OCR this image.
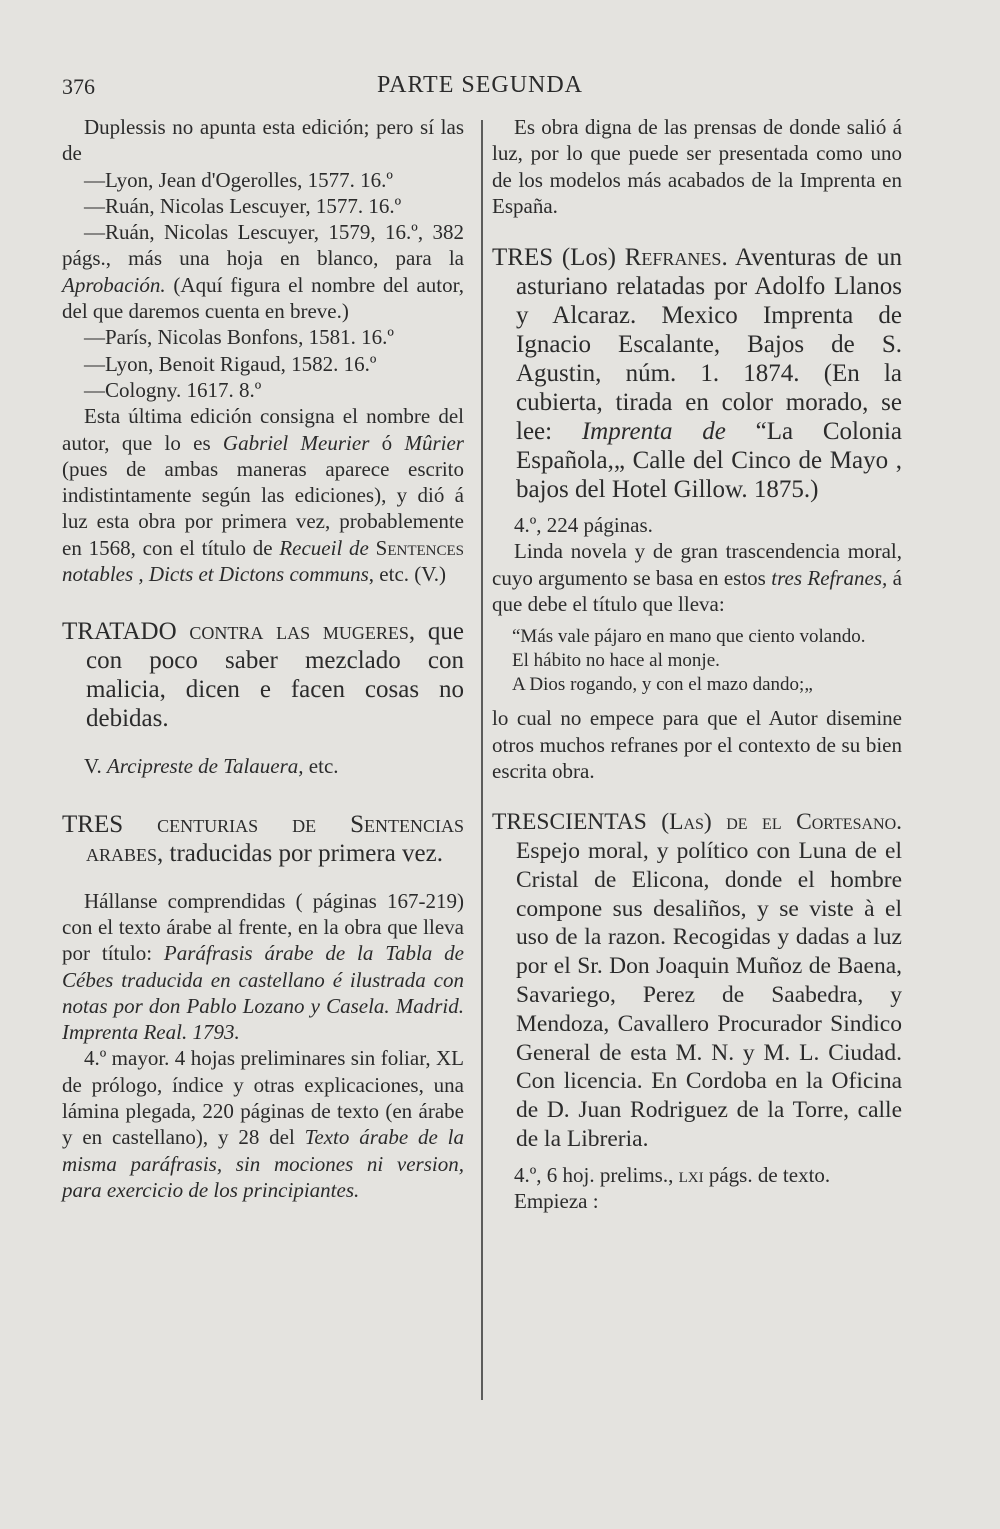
376	PARTE SEGUNDA

Duplessis no apunta esta edición; pero sí las de

—Lyon, Jean d'Ogerolles, 1577. 16.º
—Ruán, Nicolas Lescuyer, 1577. 16.º

—Ruán, Nicolas Lescuyer, 1579, 16.º, 382 págs., más una hoja en blanco, para la Aprobación. (Aquí figura el nombre del autor, del que daremos cuenta en breve.)

—París, Nicolas Bonfons, 1581. 16.º
—Lyon, Benoit Rigaud, 1582. 16.º
—Cologny. 1617. 8.º

Esta última edición consigna el nombre del autor, que lo es Gabriel Meurier ó Mûrier (pues de ambas maneras aparece escrito indistintamente según las ediciones), y dió á luz esta obra por primera vez, probablemente en 1568, con el título de Recueil de Sentences notables , Dicts et Dictons communs, etc. (V.)

TRATADO contra las mugeres, que con poco saber mezclado con malicia, dicen e facen cosas no debidas.

V. Arcipreste de Talauera, etc.

TRES centurias de Sentencias arabes, traducidas por primera vez.

Hállanse comprendidas ( páginas 167-219) con el texto árabe al frente, en la obra que lleva por título: Paráfrasis árabe de la Tabla de Cébes traducida en castellano é ilustrada con notas por don Pablo Lozano y Casela. Madrid. Imprenta Real. 1793.

4.º mayor. 4 hojas preliminares sin foliar, XL de prólogo, índice y otras explicaciones, una lámina plegada, 220 páginas de texto (en árabe y en castellano), y 28 del Texto árabe de la misma paráfrasis, sin mociones ni version, para exercicio de los principiantes.

Es obra digna de las prensas de donde salió á luz, por lo que puede ser presentada como uno de los modelos más acabados de la Imprenta en España.

TRES (Los) Refranes. Aventuras de un asturiano relatadas por Adolfo Llanos y Alcaraz. Mexico Imprenta de Ignacio Escalante, Bajos de S. Agustin, núm. 1. 1874. (En la cubierta, tirada en color morado, se lee: Imprenta de “La Colonia Española,„ Calle del Cinco de Mayo , bajos del Hotel Gillow. 1875.)

4.º, 224 páginas.

Linda novela y de gran trascendencia moral, cuyo argumento se basa en estos tres Refranes, á que debe el título que lleva:

“Más vale pájaro en mano que ciento volando.

El hábito no hace al monje.

A Dios rogando, y con el mazo dando;„

lo cual no empece para que el Autor disemine otros muchos refranes por el contexto de su bien escrita obra.

TRESCIENTAS (Las) de el Cortesano. Espejo moral, y político con Luna de el Cristal de Elicona, donde el hombre compone sus desaliños, y se viste à el uso de la razon. Recogidas y dadas a luz por el Sr. Don Joaquin Muñoz de Baena, Savariego, Perez de Saabedra, y Mendoza, Cavallero Procurador Sindico General de esta M. N. y M. L. Ciudad. Con licencia. En Cordoba en la Oficina de D. Juan Rodriguez de la Torre, calle de la Libreria.

4.º, 6 hoj. prelims., lxi págs. de texto.

Empieza :
